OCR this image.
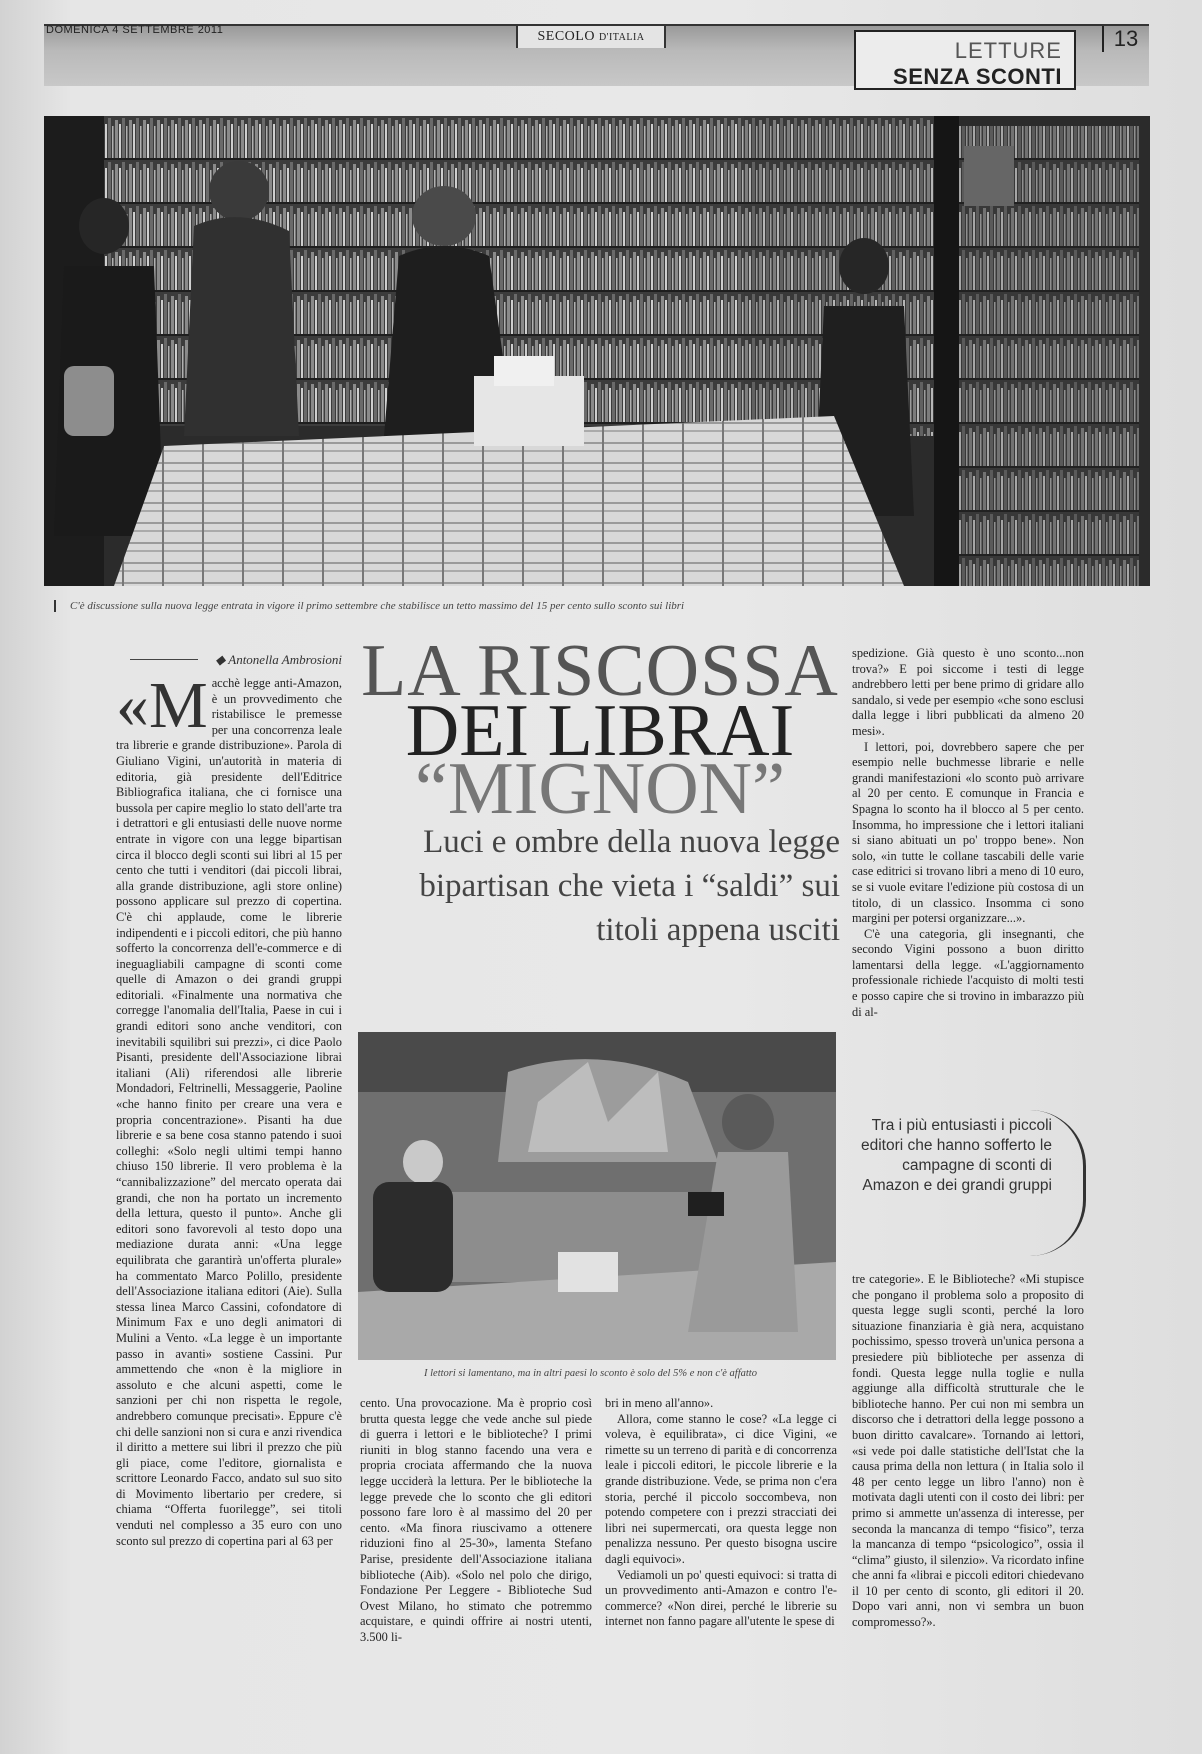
DOMENICA 4 SETTEMBRE 2011	SECOLO D'ITALIA
LETTURE
SENZA SCONTI
13
C'è discussione sulla nuova legge entrata in vigore il primo settembre che stabilisce un tetto massimo del 15 per cento sullo sconto sui libri
◆ Antonella Ambrosioni

«Macchè legge anti-Amazon, è un provvedimento che ristabilisce le premesse per una concorrenza leale tra librerie e grande distribuzione». Parola di Giuliano Vigini, un'autorità in materia di editoria, già presidente dell'Editrice Bibliografica italiana, che ci fornisce una bussola per capire meglio lo stato dell'arte tra i detrattori e gli entusiasti delle nuove norme entrate in vigore con una legge bipartisan circa il blocco degli sconti sui libri al 15 per cento che tutti i venditori (dai piccoli librai, alla grande distribuzione, agli store online) possono applicare sul prezzo di copertina. C'è chi applaude, come le librerie indipendenti e i piccoli editori, che più hanno sofferto la concorrenza dell'e-commerce e di ineguagliabili campagne di sconti come quelle di Amazon o dei grandi gruppi editoriali. «Finalmente una normativa che corregge l'anomalia dell'Italia, Paese in cui i grandi editori sono anche venditori, con inevitabili squilibri sui prezzi», ci dice Paolo Pisanti, presidente dell'Associazione librai italiani (Ali) riferendosi alle librerie Mondadori, Feltrinelli, Messaggerie, Paoline «che hanno finito per creare una vera e propria concentrazione». Pisanti ha due librerie e sa bene cosa stanno patendo i suoi colleghi: «Solo negli ultimi tempi hanno chiuso 150 librerie. Il vero problema è la “cannibalizzazione” del mercato operata dai grandi, che non ha portato un incremento della lettura, questo il punto». Anche gli editori sono favorevoli al testo dopo una mediazione durata anni: «Una legge equilibrata che garantirà un'offerta plurale» ha commentato Marco Polillo, presidente dell'Associazione italiana editori (Aie). Sulla stessa linea Marco Cassini, cofondatore di Minimum Fax e uno degli animatori di Mulini a Vento. «La legge è un importante passo in avanti» sostiene Cassini. Pur ammettendo che «non è la migliore in assoluto e che alcuni aspetti, come le sanzioni per chi non rispetta le regole, andrebbero comunque precisati». Eppure c'è chi delle sanzioni non si cura e anzi rivendica il diritto a mettere sui libri il prezzo che più gli piace, come l'editore, giornalista e scrittore Leonardo Facco, andato sul suo sito di Movimento libertario per credere, si chiama “Offerta fuorilegge”, sei titoli venduti nel complesso a 35 euro con uno sconto sul prezzo di copertina pari al 63 per

LA RISCOSSA
DEI LIBRAI
“MIGNON”
Luci e ombre della nuova legge bipartisan che vieta i “saldi” sui titoli appena usciti
I lettori si lamentano, ma in altri paesi lo sconto è solo del 5% e non c'è affatto

cento. Una provocazione. Ma è proprio così brutta questa legge che vede anche sul piede di guerra i lettori e le biblioteche? I primi riuniti in blog stanno facendo una vera e propria crociata affermando che la nuova legge ucciderà la lettura. Per le biblioteche la legge prevede che lo sconto che gli editori possono fare loro è al massimo del 20 per cento. «Ma finora riuscivamo a ottenere riduzioni fino al 25-30», lamenta Stefano Parise, presidente dell'Associazione italiana biblioteche (Aib). «Solo nel polo che dirigo, Fondazione Per Leggere - Biblioteche Sud Ovest Milano, ho stimato che potremmo acquistare, e quindi offrire ai nostri utenti, 3.500 li-

bri in meno all'anno».

Allora, come stanno le cose? «La legge ci voleva, è equilibrata», ci dice Vigini, «e rimette su un terreno di parità e di concorrenza leale i piccoli editori, le piccole librerie e la grande distribuzione. Vede, se prima non c'era storia, perché il piccolo soccombeva, non potendo competere con i prezzi stracciati dei libri nei supermercati, ora questa legge non penalizza nessuno. Per questo bisogna uscire dagli equivoci».

Vediamoli un po' questi equivoci: si tratta di un provvedimento anti-Amazon e contro l'e-commerce? «Non direi, perché le librerie su internet non fanno pagare all'utente le spese di

spedizione. Già questo è uno sconto...non trova?» E poi siccome i testi di legge andrebbero letti per bene primo di gridare allo sandalo, si vede per esempio «che sono esclusi dalla legge i libri pubblicati da almeno 20 mesi».

I lettori, poi, dovrebbero sapere che per esempio nelle buchmesse librarie e nelle grandi manifestazioni «lo sconto può arrivare al 20 per cento. E comunque in Francia e Spagna lo sconto ha il blocco al 5 per cento. Insomma, ho impressione che i lettori italiani si siano abituati un po' troppo bene». Non solo, «in tutte le collane tascabili delle varie case editrici si trovano libri a meno di 10 euro, se si vuole evitare l'edizione più costosa di un titolo, di un classico. Insomma ci sono margini per potersi organizzare...».

C'è una categoria, gli insegnanti, che secondo Vigini possono a buon diritto lamentarsi della legge. «L'aggiornamento professionale richiede l'acquisto di molti testi e posso capire che si trovino in imbarazzo più di al-

Tra i più entusiasti i piccoli editori che hanno sofferto le campagne di sconti di Amazon e dei grandi gruppi

tre categorie». E le Biblioteche? «Mi stupisce che pongano il problema solo a proposito di questa legge sugli sconti, perché la loro situazione finanziaria è già nera, acquistano pochissimo, spesso troverà un'unica persona a presiedere più biblioteche per assenza di fondi. Questa legge nulla toglie e nulla aggiunge alla difficoltà strutturale che le biblioteche hanno. Per cui non mi sembra un discorso che i detrattori della legge possono a buon diritto cavalcare». Tornando ai lettori, «si vede poi dalle statistiche dell'Istat che la causa prima della non lettura ( in Italia solo il 48 per cento legge un libro l'anno) non è motivata dagli utenti con il costo dei libri: per primo si ammette un'assenza di interesse, per seconda la mancanza di tempo “fisico”, terza la mancanza di tempo “psicologico”, ossia il “clima” giusto, il silenzio». Va ricordato infine che anni fa «librai e piccoli editori chiedevano il 10 per cento di sconto, gli editori il 20. Dopo vari anni, non vi sembra un buon compromesso?».
